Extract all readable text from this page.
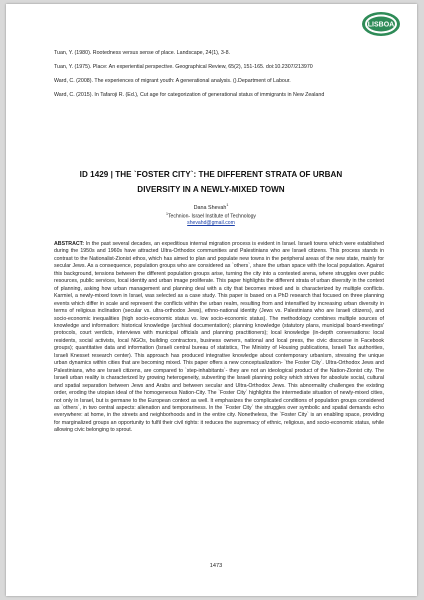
LISBOA

Tuan, Y. (1980). Rootedness versus sense of place. Landscape, 24(1), 3-8.

Tuan, Y. (1975). Place: An experiential perspective. Geographical Review, 65(2), 151-165. doi:10.2307/213970

Ward, C. (2008). The experiences of migrant youth: A generational analysis. ().Department of Labour.

Ward, C. (2015). In Tafaroji R. (Ed.), Cut age for categorization of generational status of immigrants in New Zealand

ID 1429 | THE `FOSTER CITY`: THE DIFFERENT STRATA OF URBAN
DIVERSITY IN A NEWLY-MIXED TOWN
Dana Shevah$^1$
$^1$Technion- Israel Institute of Technology
shevahd@gmail.com

ABSTRACT: In the past several decades, an expeditious internal migration process is evident in Israel. Israeli towns which were established during the 1950s and 1960s have attracted Ultra-Orthodox communities and Palestinians who are Israeli citizens. This process stands in contrast to the Nationalist-Zionist ethos, which has aimed to plan and populate new towns in the peripheral areas of the new state, mainly for secular Jews. As a consequence, population groups who are considered as `others`, share the urban space with the local population. Against this background, tensions between the different population groups arise, turning the city into a contested arena, where struggles over public resources, public services, local identity and urban image proliferate. This paper highlights the different strata of urban diversity in the context of planning, asking how urban management and planning deal with a city that becomes mixed and is characterized by multiple conflicts. Karmiel, a newly-mixed town in Israel, was selected as a case study. This paper is based on a PhD research that focused on three planning events which differ in scale and represent the conflicts within the urban realm, resulting from and intensified by increasing urban diversity in terms of religious inclination (secular vs. ultra-orthodox Jews), ethno-national identity (Jews vs. Palestinians who are Israeli citizens), and socio-economic inequalities (high socio-economic status vs. low socio-economic status). The methodology combines multiple sources of knowledge and information: historical knowledge (archival documentation); planning knowledge (statutory plans, municipal board-meetings' protocols, court verdicts, interviews with municipal officials and planning practitioners); local knowledge (in-depth conversations: local residents, social activists, local NGOs, building contractors, business owners, national and local press, the civic discourse in Facebook groups); quantitative data and information (Israeli central bureau of statistics, The Ministry of Housing publications, Israeli Tax authorities, Israeli Knesset research center). This approach has produced integrative knowledge about contemporary urbanism, stressing the unique urban dynamics within cities that are becoming mixed. This paper offers a new conceptualization- `the Foster City`. Ultra-Orthodox Jews and Palestinians, who are Israeli citizens, are compared to `step-inhabitants`- they are not an ideological product of the Nation-Zionist city. The Israeli urban reality is characterized by growing heterogeneity, subverting the Israeli planning policy which strives for absolute social, cultural and spatial separation between Jews and Arabs and between secular and Ultra-Orthodox Jews. This abnormality challenges the existing order, eroding the utopian ideal of the homogeneous Nation-City. The `Foster City` highlights the intermediate situation of newly-mixed cities, not only in Israel, but is germane to the European context as well. It emphasizes the complicated conditions of population groups considered as `others`, in two central aspects: alienation and temporariness. In the `Foster City` the struggles over symbolic and spatial demands echo everywhere: at home, in the streets and neighborhoods and in the entire city. Nonetheless, the `Foster City` is an enabling space, providing for marginalized groups an opportunity to fulfil their civil rights: it reduces the supremacy of ethnic, religious, and socio-economic status, while allowing civic belonging to sprout.

1473
